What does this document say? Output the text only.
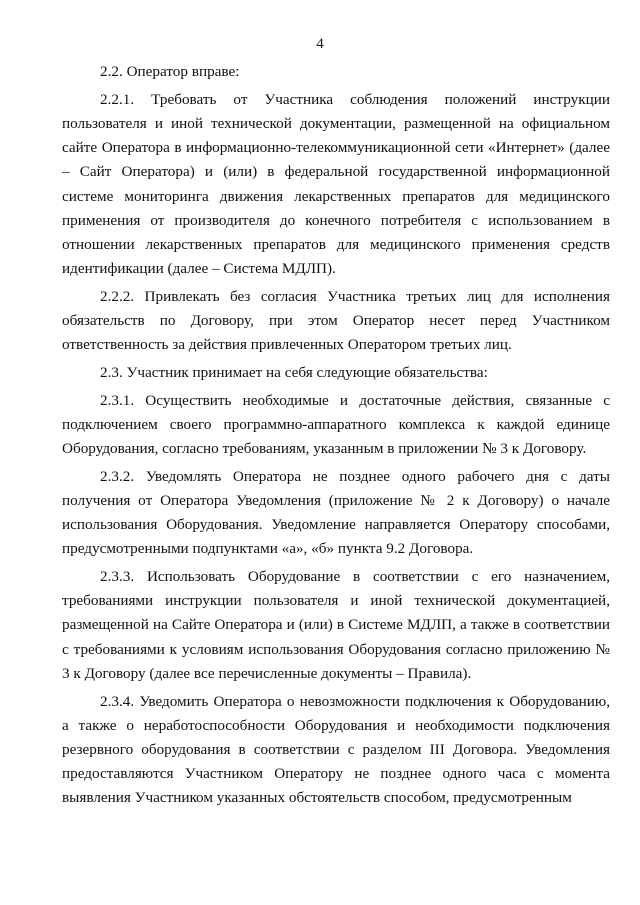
4

2.2. Оператор вправе:

2.2.1. Требовать от Участника соблюдения положений инструкции пользователя и иной технической документации, размещенной на официальном сайте Оператора в информационно-телекоммуникационной сети «Интернет» (далее – Сайт Оператора) и (или) в федеральной государственной информационной системе мониторинга движения лекарственных препаратов для медицинского применения от производителя до конечного потребителя с использованием в отношении лекарственных препаратов для медицинского применения средств идентификации (далее – Система МДЛП).

2.2.2. Привлекать без согласия Участника третьих лиц для исполнения обязательств по Договору, при этом Оператор несет перед Участником ответственность за действия привлеченных Оператором третьих лиц.

2.3. Участник принимает на себя следующие обязательства:

2.3.1. Осуществить необходимые и достаточные действия, связанные с подключением своего программно-аппаратного комплекса к каждой единице Оборудования, согласно требованиям, указанным в приложении № 3 к Договору.

2.3.2. Уведомлять Оператора не позднее одного рабочего дня с даты получения от Оператора Уведомления (приложение № 2 к Договору) о начале использования Оборудования. Уведомление направляется Оператору способами, предусмотренными подпунктами «а», «б» пункта 9.2 Договора.

2.3.3. Использовать Оборудование в соответствии с его назначением, требованиями инструкции пользователя и иной технической документацией, размещенной на Сайте Оператора и (или) в Системе МДЛП, а также в соответствии с требованиями к условиям использования Оборудования согласно приложению № 3 к Договору (далее все перечисленные документы – Правила).

2.3.4. Уведомить Оператора о невозможности подключения к Оборудованию, а также о неработоспособности Оборудования и необходимости подключения резервного оборудования в соответствии с разделом III Договора. Уведомления предоставляются Участником Оператору не позднее одного часа с момента выявления Участником указанных обстоятельств способом, предусмотренным
